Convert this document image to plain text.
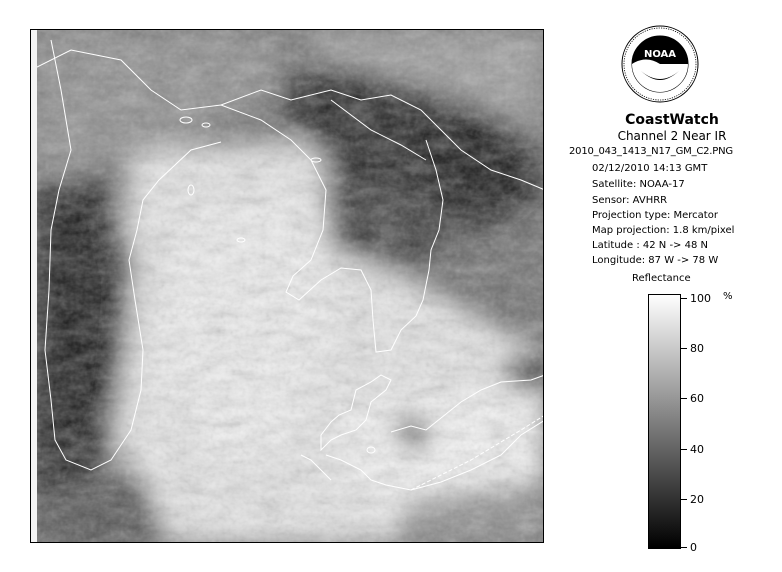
NOAA
CoastWatch
Channel 2 Near IR
2010_043_1413_N17_GM_C2.PNG
02/12/2010 14:13 GMT
Satellite: NOAA-17
Sensor: AVHRR
Projection type: Mercator
Map projection: 1.8 km/pixel
Latitude : 42 N -> 48 N
Longitude: 87 W -> 78 W
Reflectance
%
100
80
60
40
20
0
